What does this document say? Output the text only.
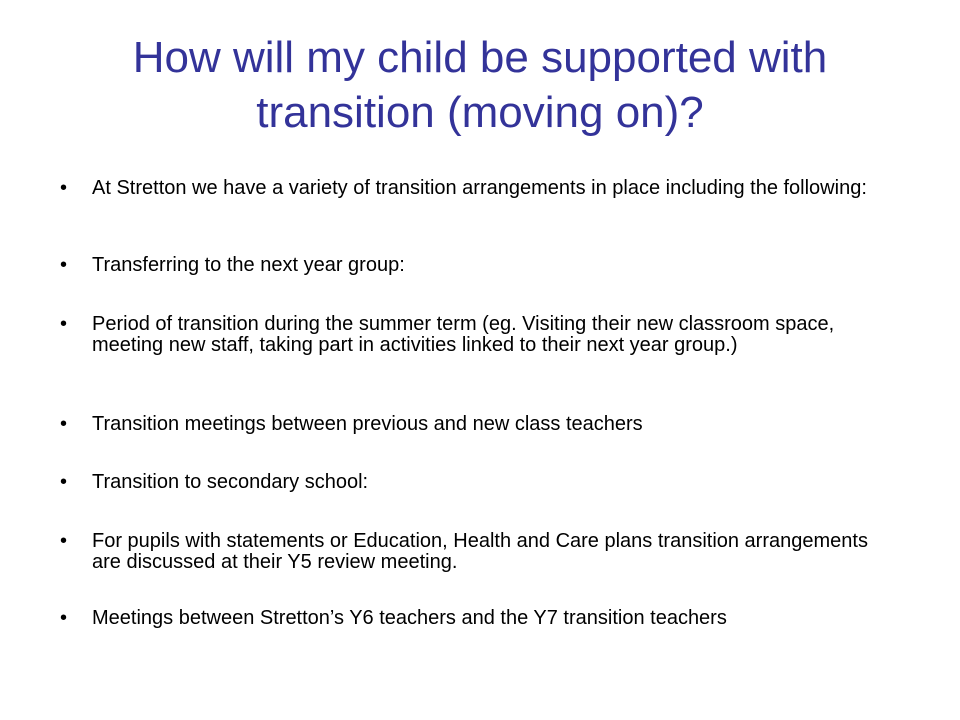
How will my child be supported with transition (moving on)?
•	At Stretton we have a variety of transition arrangements in place including the following:
•	Transferring to the next year group:
•	Period of transition during the summer term (eg. Visiting their new classroom space, meeting new staff, taking part in activities linked to their next year group.)
•	Transition meetings between previous and new class teachers
•	Transition to secondary school:
•	For pupils with statements or Education, Health and Care plans transition arrangements are discussed at their Y5 review meeting.
•	Meetings between Stretton’s Y6 teachers and the Y7 transition teachers
